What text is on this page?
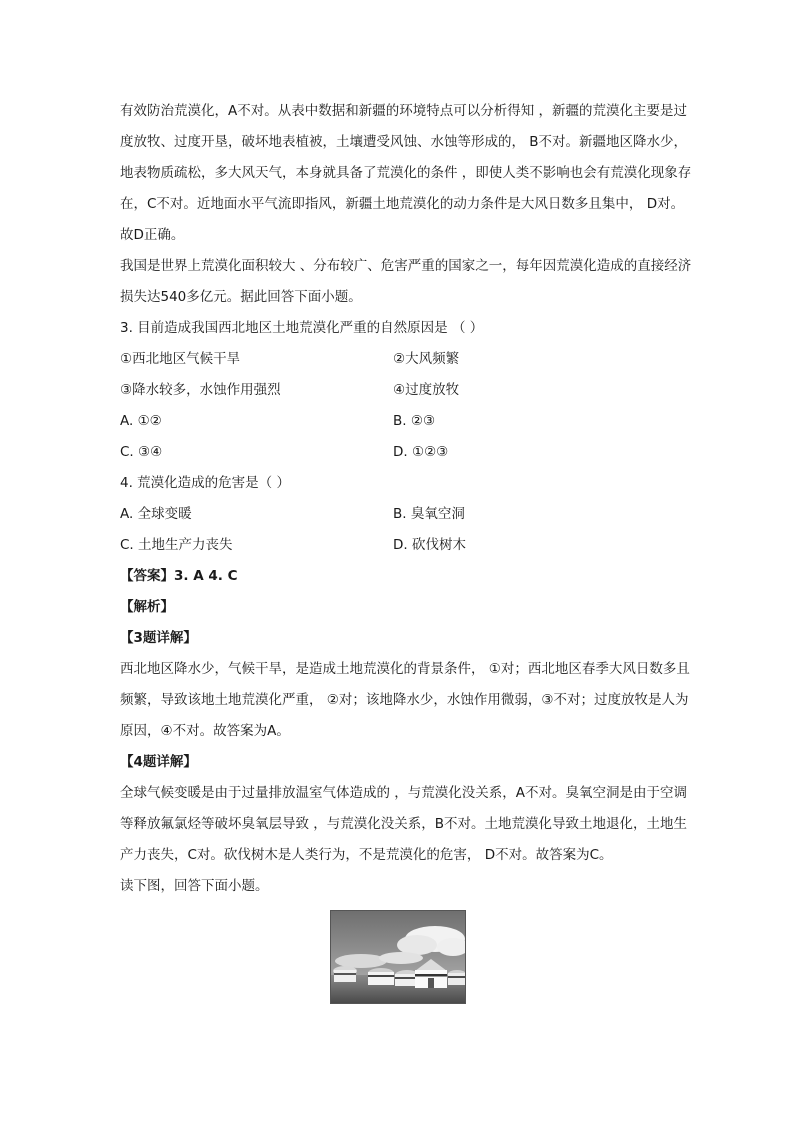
有效防治荒漠化，A不对。从表中数据和新疆的环境特点可以分析得知 ，新疆的荒漠化主要是过
度放牧、过度开垦，破坏地表植被，土壤遭受风蚀、水蚀等形成的， B不对。新疆地区降水少，
地表物质疏松，多大风天气，本身就具备了荒漠化的条件 ，即使人类不影响也会有荒漠化现象存
在，C不对。近地面水平气流即指风，新疆土地荒漠化的动力条件是大风日数多且集中， D对。
故D正确。
我国是世界上荒漠化面积较大 、分布较广、危害严重的国家之一，每年因荒漠化造成的直接经济
损失达540多亿元。据此回答下面小题。
3. 目前造成我国西北地区土地荒漠化严重的自然原因是 （ ）
①西北地区气候干旱	②大风频繁
③降水较多，水蚀作用强烈	④过度放牧
A. ①②	B. ②③
C. ③④	D. ①②③
4. 荒漠化造成的危害是（ ）
A. 全球变暖	B. 臭氧空洞
C. 土地生产力丧失	D. 砍伐树木
【答案】3. A 4. C
【解析】
【3题详解】
西北地区降水少，气候干旱，是造成土地荒漠化的背景条件， ①对；西北地区春季大风日数多且
频繁，导致该地土地荒漠化严重， ②对；该地降水少，水蚀作用微弱，③不对；过度放牧是人为
原因，④不对。故答案为A。
【4题详解】
全球气候变暖是由于过量排放温室气体造成的 ，与荒漠化没关系，A不对。臭氧空洞是由于空调
等释放氟氯烃等破坏臭氧层导致 ，与荒漠化没关系，B不对。土地荒漠化导致土地退化，土地生
产力丧失，C对。砍伐树木是人类行为，不是荒漠化的危害， D不对。故答案为C。
读下图，回答下面小题。
